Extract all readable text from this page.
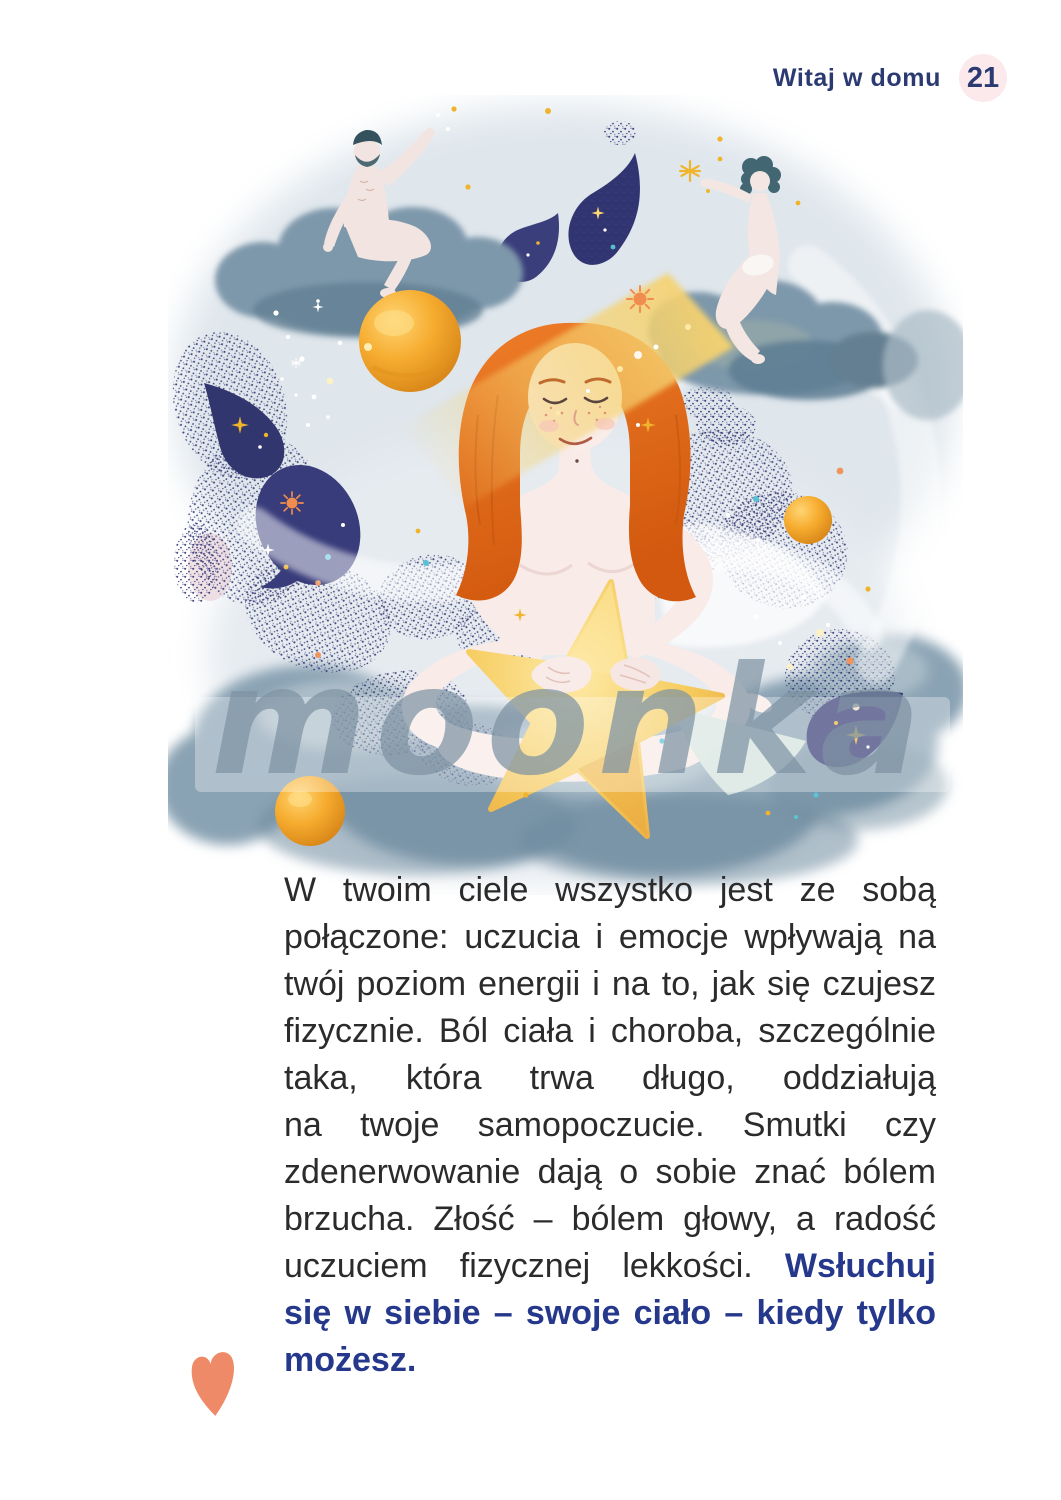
Witaj w domu 21
moonka
W twoim ciele wszystko jest ze sobą
połączone: uczucia i emocje wpływają na
twój poziom energii i na to, jak się czujesz
fizycznie. Ból ciała i choroba, szczególnie
taka, która trwa długo, oddziałują
na twoje samopoczucie. Smutki czy
zdenerwowanie dają o sobie znać bólem
brzucha. Złość – bólem głowy, a radość
uczuciem fizycznej lekkości. Wsłuchuj
się w siebie – swoje ciało – kiedy tylko
możesz.
